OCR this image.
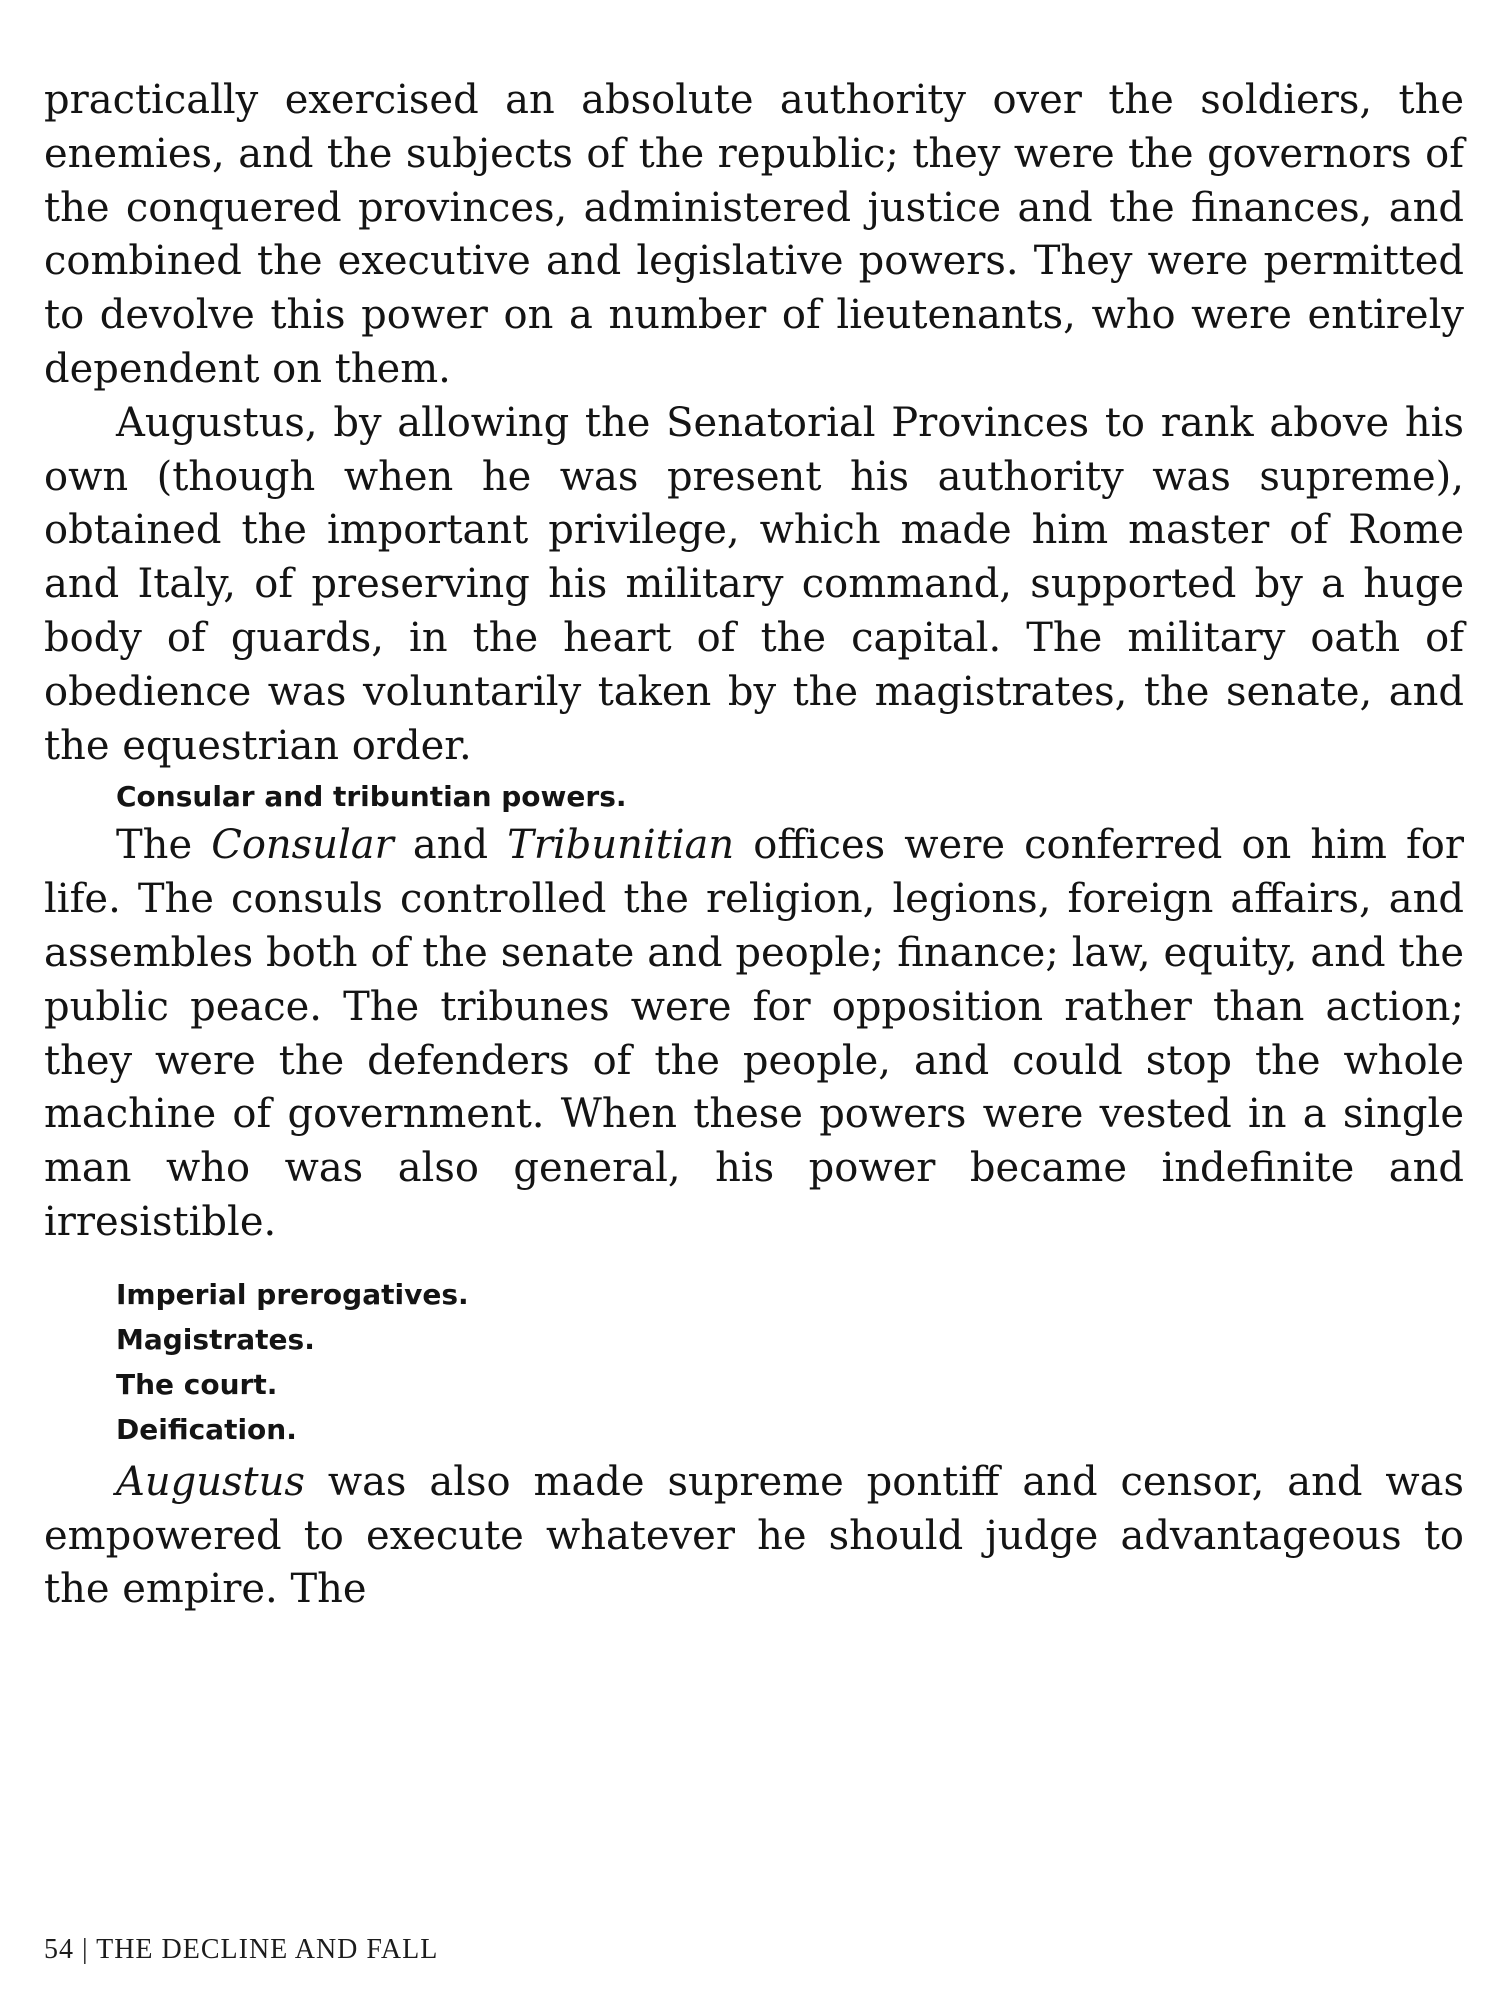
practically exercised an absolute authority over the soldiers, the enemies, and the subjects of the republic; they were the governors of the conquered provinces, administered justice and the finances, and combined the executive and legislative powers. They were permitted to devolve this power on a number of lieutenants, who were entirely dependent on them.

Augustus, by allowing the Senatorial Provinces to rank above his own (though when he was present his authority was supreme), obtained the important privilege, which made him master of Rome and Italy, of preserving his military command, supported by a huge body of guards, in the heart of the capital. The military oath of obedience was voluntarily taken by the magistrates, the senate, and the equestrian order.

Consular and tribuntian powers.

The Consular and Tribunitian offices were conferred on him for life. The consuls controlled the religion, legions, foreign affairs, and assembles both of the senate and people; finance; law, equity, and the public peace. The tribunes were for opposition rather than action; they were the defenders of the people, and could stop the whole machine of government. When these powers were vested in a single man who was also general, his power became indefinite and irresistible.

Imperial prerogatives.

Magistrates.

The court.

Deification.

Augustus was also made supreme pontiff and censor, and was empowered to execute whatever he should judge advantageous to the empire. The

54 | THE DECLINE AND FALL
